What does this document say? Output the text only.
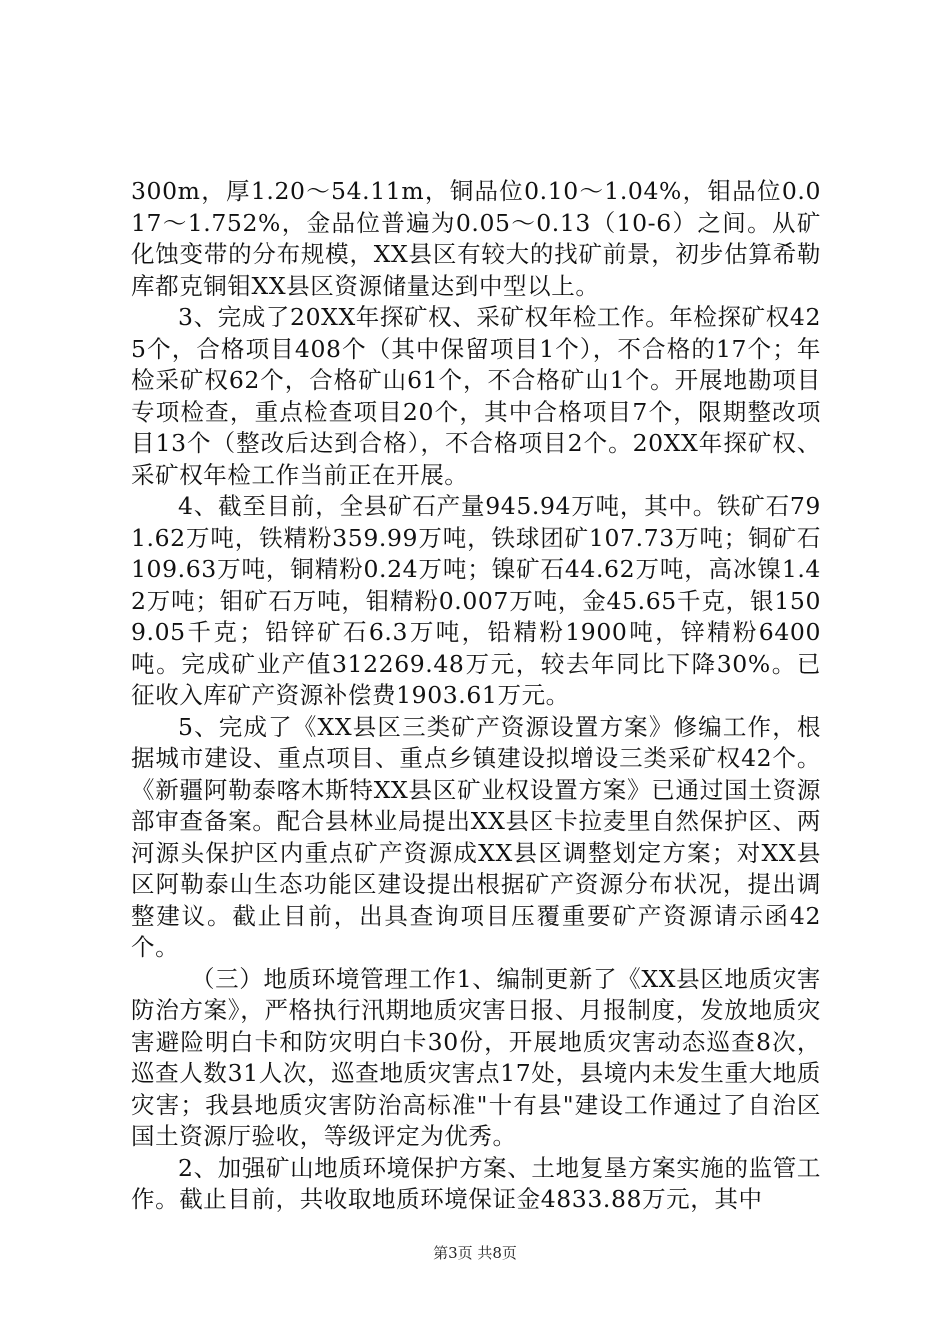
300m，厚1.20～54.11m，铜品位0.10～1.04%，钼品位0.017～1.752%，金品位普遍为0.05～0.13（10-6）之间。从矿化蚀变带的分布规模，XX县区有较大的找矿前景，初步估算希勒库都克铜钼XX县区资源储量达到中型以上。

3、完成了20XX年探矿权、采矿权年检工作。年检探矿权425个，合格项目408个（其中保留项目1个），不合格的17个；年检采矿权62个，合格矿山61个，不合格矿山1个。开展地勘项目专项检查，重点检查项目20个，其中合格项目7个，限期整改项目13个（整改后达到合格），不合格项目2个。20XX年探矿权、采矿权年检工作当前正在开展。

4、截至目前，全县矿石产量945.94万吨，其中。铁矿石791.62万吨，铁精粉359.99万吨，铁球团矿107.73万吨；铜矿石109.63万吨，铜精粉0.24万吨；镍矿石44.62万吨，高冰镍1.42万吨；钼矿石万吨，钼精粉0.007万吨，金45.65千克，银1509.05千克；铅锌矿石6.3万吨，铅精粉1900吨，锌精粉6400吨。完成矿业产值312269.48万元，较去年同比下降30%。已征收入库矿产资源补偿费1903.61万元。

5、完成了《XX县区三类矿产资源设置方案》修编工作，根据城市建设、重点项目、重点乡镇建设拟增设三类采矿权42个。《新疆阿勒泰喀木斯特XX县区矿业权设置方案》已通过国土资源部审查备案。配合县林业局提出XX县区卡拉麦里自然保护区、两河源头保护区内重点矿产资源成XX县区调整划定方案；对XX县区阿勒泰山生态功能区建设提出根据矿产资源分布状况，提出调整建议。截止目前，出具查询项目压覆重要矿产资源请示函42个。

（三）地质环境管理工作1、编制更新了《XX县区地质灾害防治方案》，严格执行汛期地质灾害日报、月报制度，发放地质灾害避险明白卡和防灾明白卡30份，开展地质灾害动态巡查8次，巡查人数31人次，巡查地质灾害点17处，县境内未发生重大地质灾害；我县地质灾害防治高标准"十有县"建设工作通过了自治区国土资源厅验收，等级评定为优秀。

2、加强矿山地质环境保护方案、土地复垦方案实施的监管工作。截止目前，共收取地质环境保证金4833.88万元，其中

第3页 共8页
